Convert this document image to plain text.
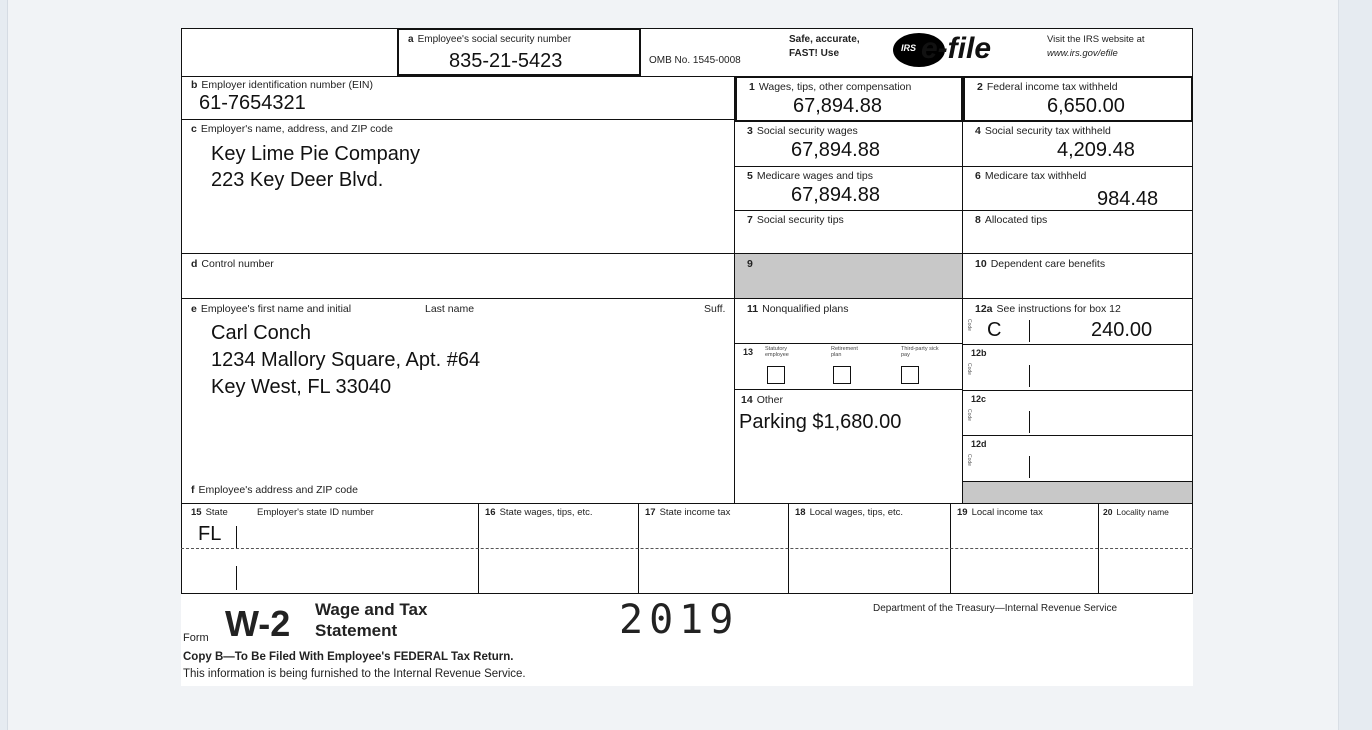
a Employee's social security number
835-21-5423	OMB No. 1545-0008
Safe, accurate,
FAST! Use	IRS e-file	Visit the IRS website at
www.irs.gov/efile
b Employer identification number (EIN)
61-7654321
c Employer's name, address, and ZIP code
Key Lime Pie Company
223 Key Deer Blvd.
d Control number
e Employee's first name and initial	Last name	Suff.
Carl Conch
1234 Mallory Square, Apt. #64
Key West, FL 33040
f Employee's address and ZIP code
1 Wages, tips, other compensation
67,894.88
2 Federal income tax withheld
6,650.00
3 Social security wages
67,894.88
4 Social security tax withheld
4,209.48
5 Medicare wages and tips
67,894.88
6 Medicare tax withheld
984.48
7 Social security tips	8 Allocated tips
9	10 Dependent care benefits
11 Nonqualified plans
13 Statutory employee
Retirement plan
Third-party sick pay
14 Other
Parking $1,680.00
12a See instructions for box 12
Code C	240.00
12b
Code
12c
Code
12d
Code
15 State	Employer's state ID number
FL
16 State wages, tips, etc.	17 State income tax	18 Local wages, tips, etc.	19 Local income tax	20 Locality name
Form W-2 Wage and Tax
Statement	2019	Department of the Treasury—Internal Revenue Service
Copy B—To Be Filed With Employee's FEDERAL Tax Return.
This information is being furnished to the Internal Revenue Service.
